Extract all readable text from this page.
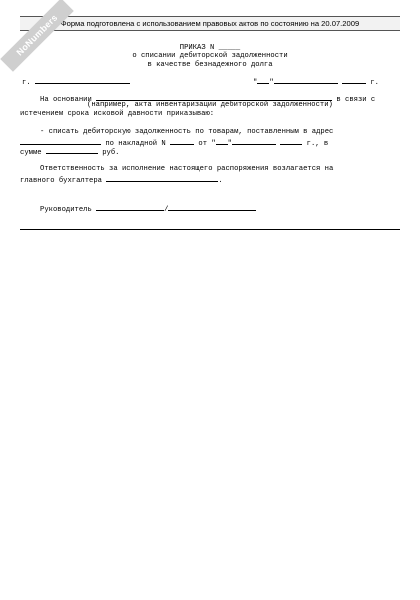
Форма подготовлена с использованием правовых актов по состоянию на 20.07.2009
NoNumbers	ПРИКАЗ N _____
о списании дебиторской задолженности
в качестве безнадежного долга
г.	" "	г.
На основании	в связи с
(например, акта инвентаризации дебиторской задолженности)
истечением срока исковой давности приказываю:
- списать дебиторскую задолженность по товарам, поставленным в адрес
по накладной N	от " "	г., в
сумме	руб.
Ответственность за исполнение настоящего распоряжения возлагается на
главного бухгалтера	.
Руководитель	/
